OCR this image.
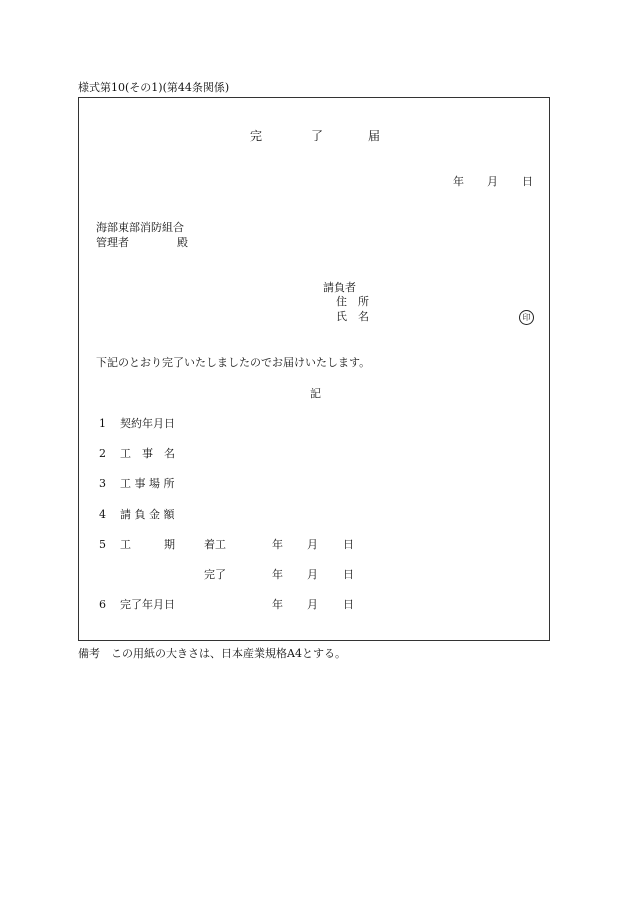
様式第10(その1)(第44条関係)
完	了	届
年 月 日
海部東部消防組合
管理者	殿
請負者
住　所
氏　名	印
下記のとおり完了いたしましたのでお届けいたします。
記
1 契約年月日
2 工　事　名
3 工 事 場 所
4 請 負 金 額
5 工　　　期	着工	年 月 日
完了	年 月 日
6 完了年月日	年 月 日
備考　この用紙の大きさは、日本産業規格A4とする。
